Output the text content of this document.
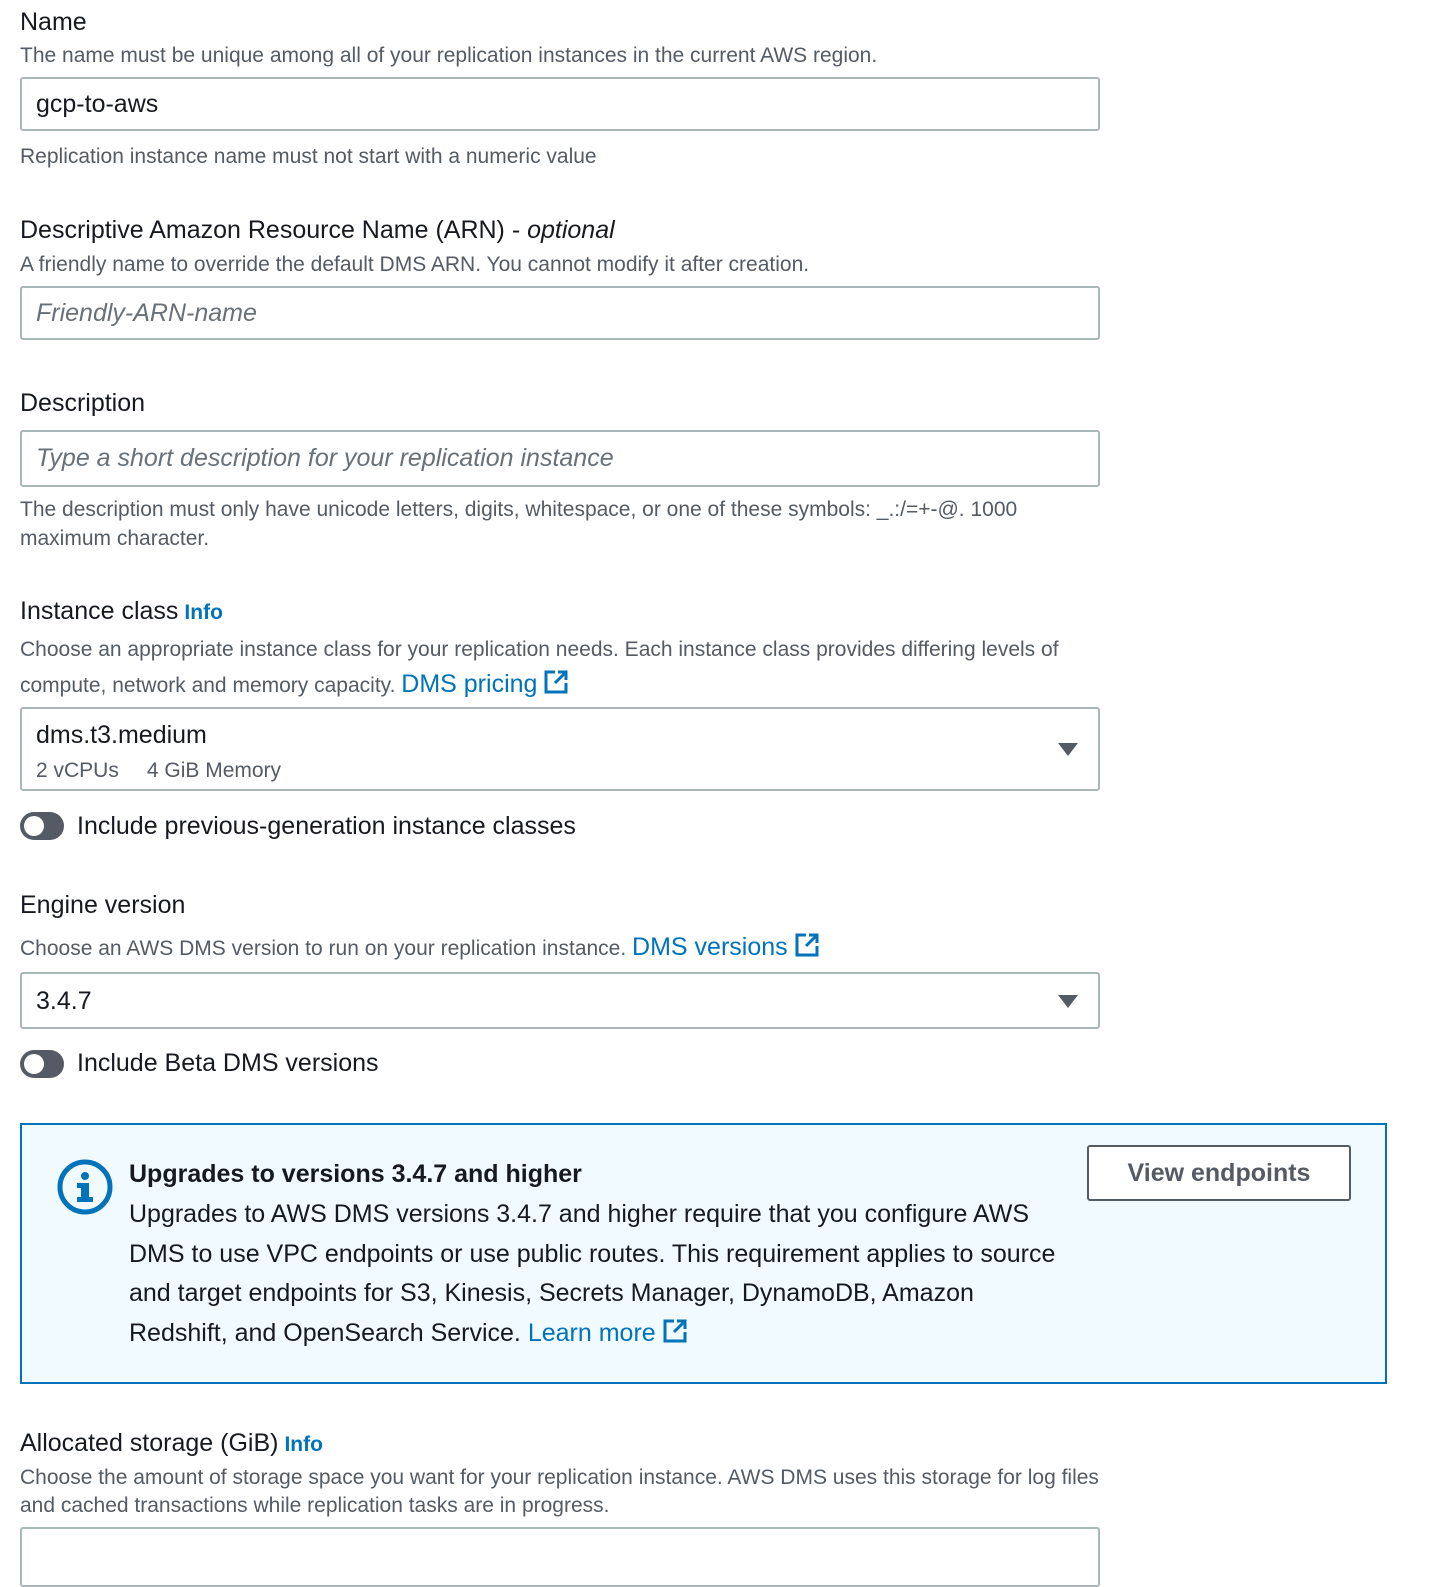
Name
The name must be unique among all of your replication instances in the current AWS region.
gcp-to-aws
Replication instance name must not start with a numeric value
Descriptive Amazon Resource Name (ARN) - optional
A friendly name to override the default DMS ARN. You cannot modify it after creation.
Friendly-ARN-name
Description
Type a short description for your replication instance
The description must only have unicode letters, digits, whitespace, or one of these symbols: _.:/=+-@. 1000 maximum character.
Instance class Info
Choose an appropriate instance class for your replication needs. Each instance class provides differing levels of compute, network and memory capacity. DMS pricing
dms.t3.medium
2 vCPUs 4 GiB Memory
Include previous-generation instance classes
Engine version
Choose an AWS DMS version to run on your replication instance. DMS versions
3.4.7
Include Beta DMS versions
Upgrades to versions 3.4.7 and higher
Upgrades to AWS DMS versions 3.4.7 and higher require that you configure AWS DMS to use VPC endpoints or use public routes. This requirement applies to source and target endpoints for S3, Kinesis, Secrets Manager, DynamoDB, Amazon Redshift, and OpenSearch Service. Learn more
View endpoints
Allocated storage (GiB) Info
Choose the amount of storage space you want for your replication instance. AWS DMS uses this storage for log files and cached transactions while replication tasks are in progress.
